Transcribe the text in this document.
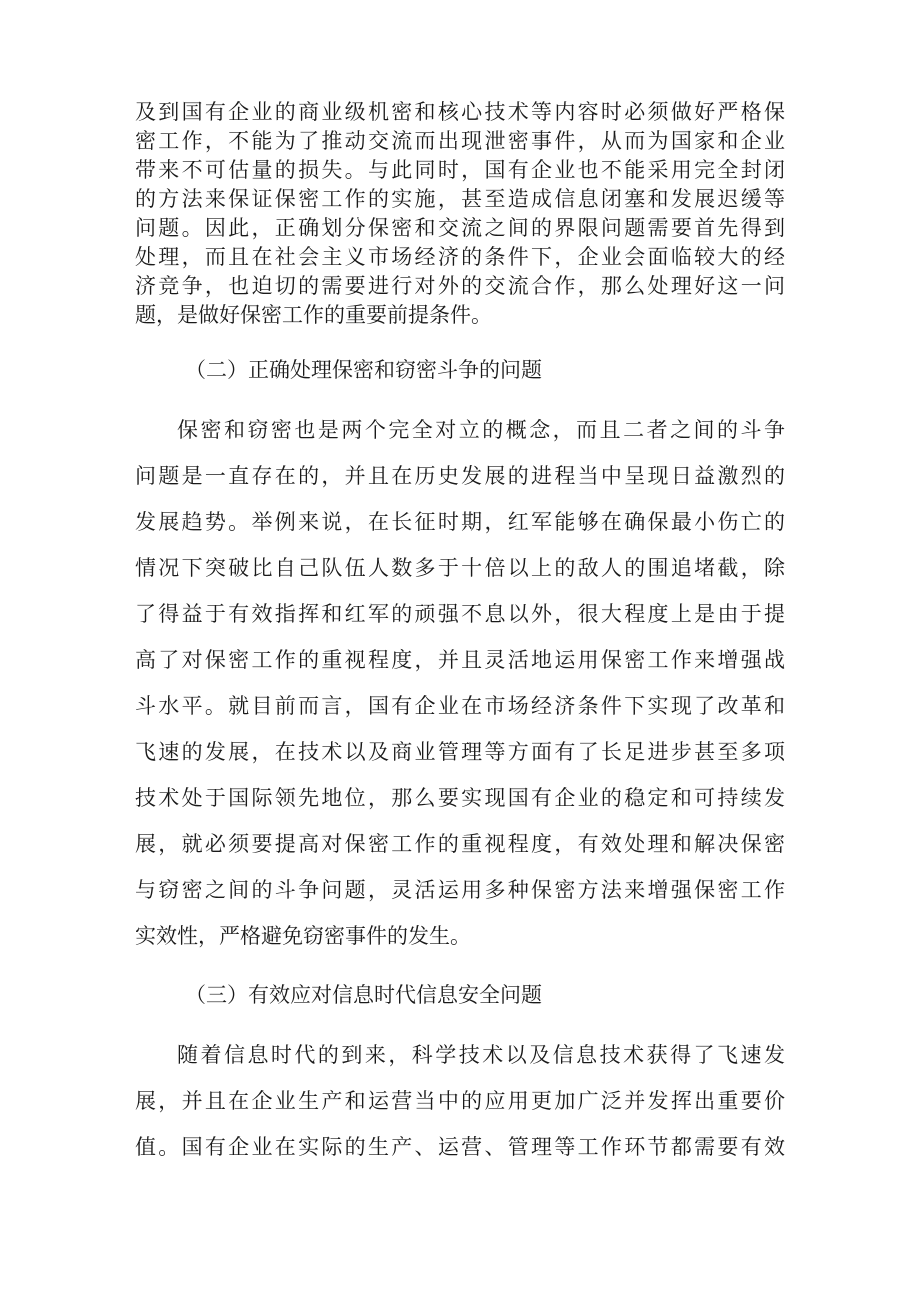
及到国有企业的商业级机密和核心技术等内容时必须做好严格保
密工作，不能为了推动交流而出现泄密事件，从而为国家和企业
带来不可估量的损失。与此同时，国有企业也不能采用完全封闭
的方法来保证保密工作的实施，甚至造成信息闭塞和发展迟缓等
问题。因此，正确划分保密和交流之间的界限问题需要首先得到
处理，而且在社会主义市场经济的条件下，企业会面临较大的经
济竞争，也迫切的需要进行对外的交流合作，那么处理好这一问
题，是做好保密工作的重要前提条件。
（二）正确处理保密和窃密斗争的问题
保密和窃密也是两个完全对立的概念，而且二者之间的斗争
问题是一直存在的，并且在历史发展的进程当中呈现日益激烈的
发展趋势。举例来说，在长征时期，红军能够在确保最小伤亡的
情况下突破比自己队伍人数多于十倍以上的敌人的围追堵截，除
了得益于有效指挥和红军的顽强不息以外，很大程度上是由于提
高了对保密工作的重视程度，并且灵活地运用保密工作来增强战
斗水平。就目前而言，国有企业在市场经济条件下实现了改革和
飞速的发展，在技术以及商业管理等方面有了长足进步甚至多项
技术处于国际领先地位，那么要实现国有企业的稳定和可持续发
展，就必须要提高对保密工作的重视程度，有效处理和解决保密
与窃密之间的斗争问题，灵活运用多种保密方法来增强保密工作
实效性，严格避免窃密事件的发生。
（三）有效应对信息时代信息安全问题
随着信息时代的到来，科学技术以及信息技术获得了飞速发
展，并且在企业生产和运营当中的应用更加广泛并发挥出重要价
值。国有企业在实际的生产、运营、管理等工作环节都需要有效
